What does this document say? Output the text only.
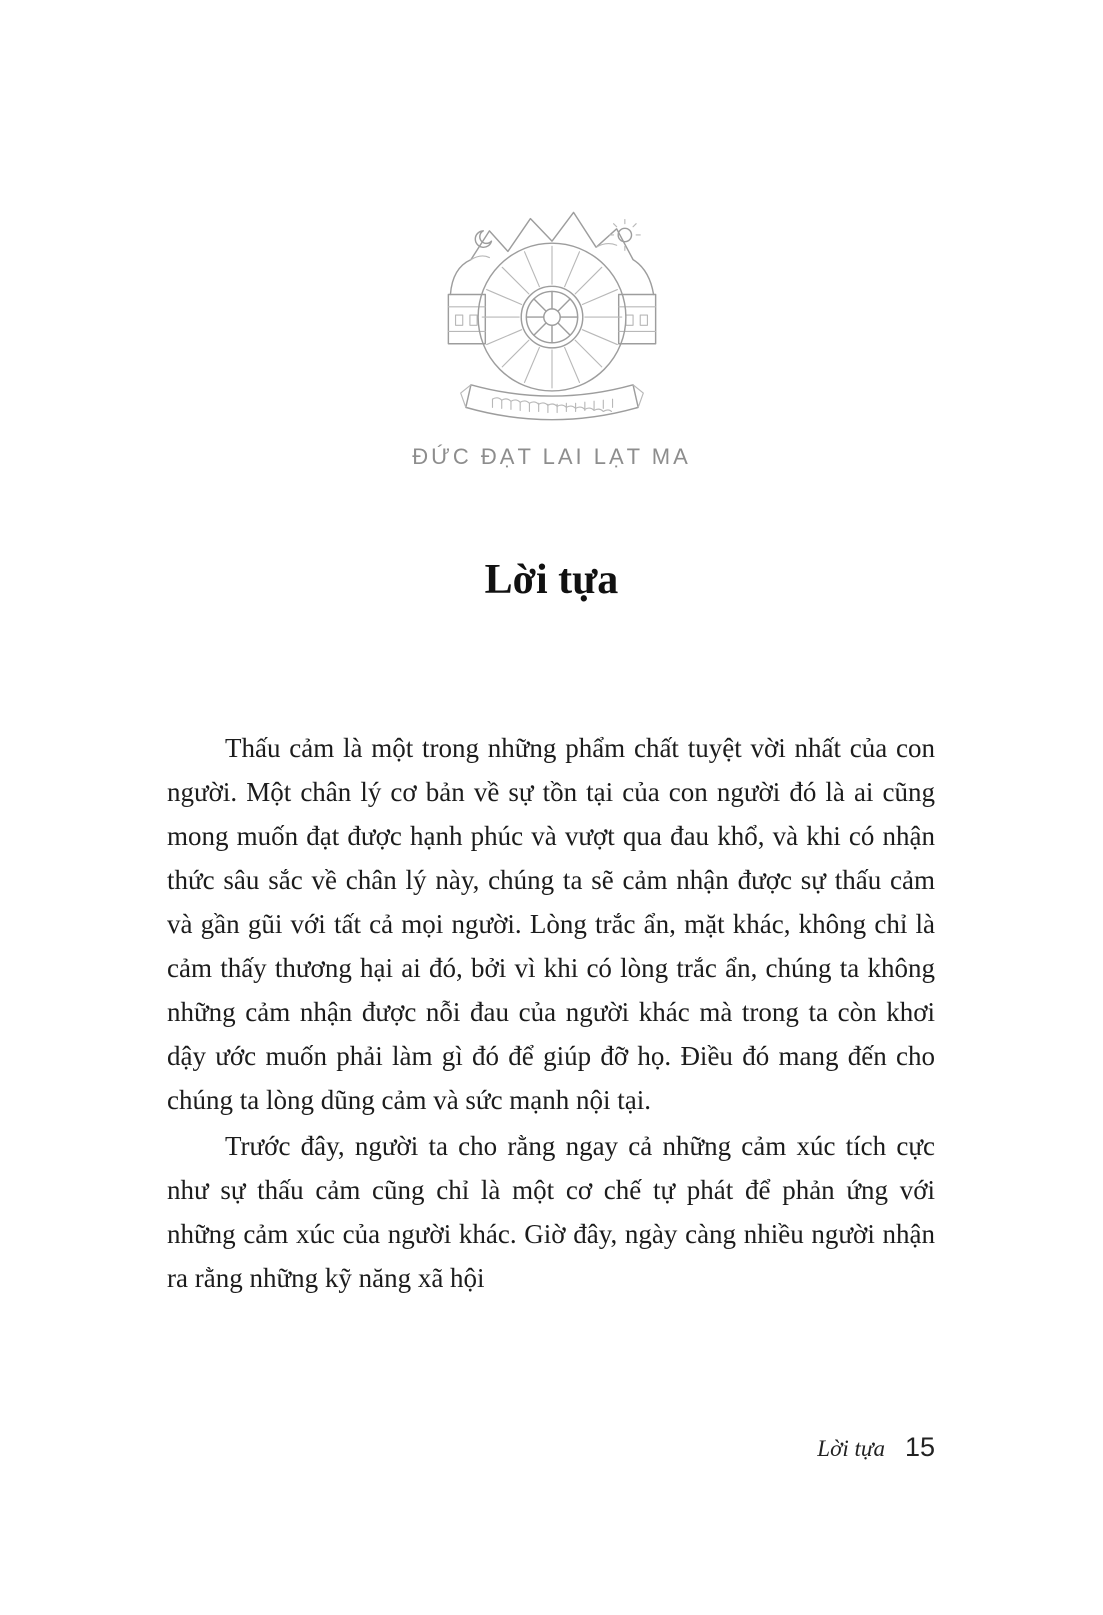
ĐỨC ĐẠT LAI LẠT MA
Lời tựa

Thấu cảm là một trong những phẩm chất tuyệt vời nhất của con người. Một chân lý cơ bản về sự tồn tại của con người đó là ai cũng mong muốn đạt được hạnh phúc và vượt qua đau khổ, và khi có nhận thức sâu sắc về chân lý này, chúng ta sẽ cảm nhận được sự thấu cảm và gần gũi với tất cả mọi người. Lòng trắc ẩn, mặt khác, không chỉ là cảm thấy thương hại ai đó, bởi vì khi có lòng trắc ẩn, chúng ta không những cảm nhận được nỗi đau của người khác mà trong ta còn khơi dậy ước muốn phải làm gì đó để giúp đỡ họ. Điều đó mang đến cho chúng ta lòng dũng cảm và sức mạnh nội tại.

Trước đây, người ta cho rằng ngay cả những cảm xúc tích cực như sự thấu cảm cũng chỉ là một cơ chế tự phát để phản ứng với những cảm xúc của người khác. Giờ đây, ngày càng nhiều người nhận ra rằng những kỹ năng xã hội

Lời tựa 15
